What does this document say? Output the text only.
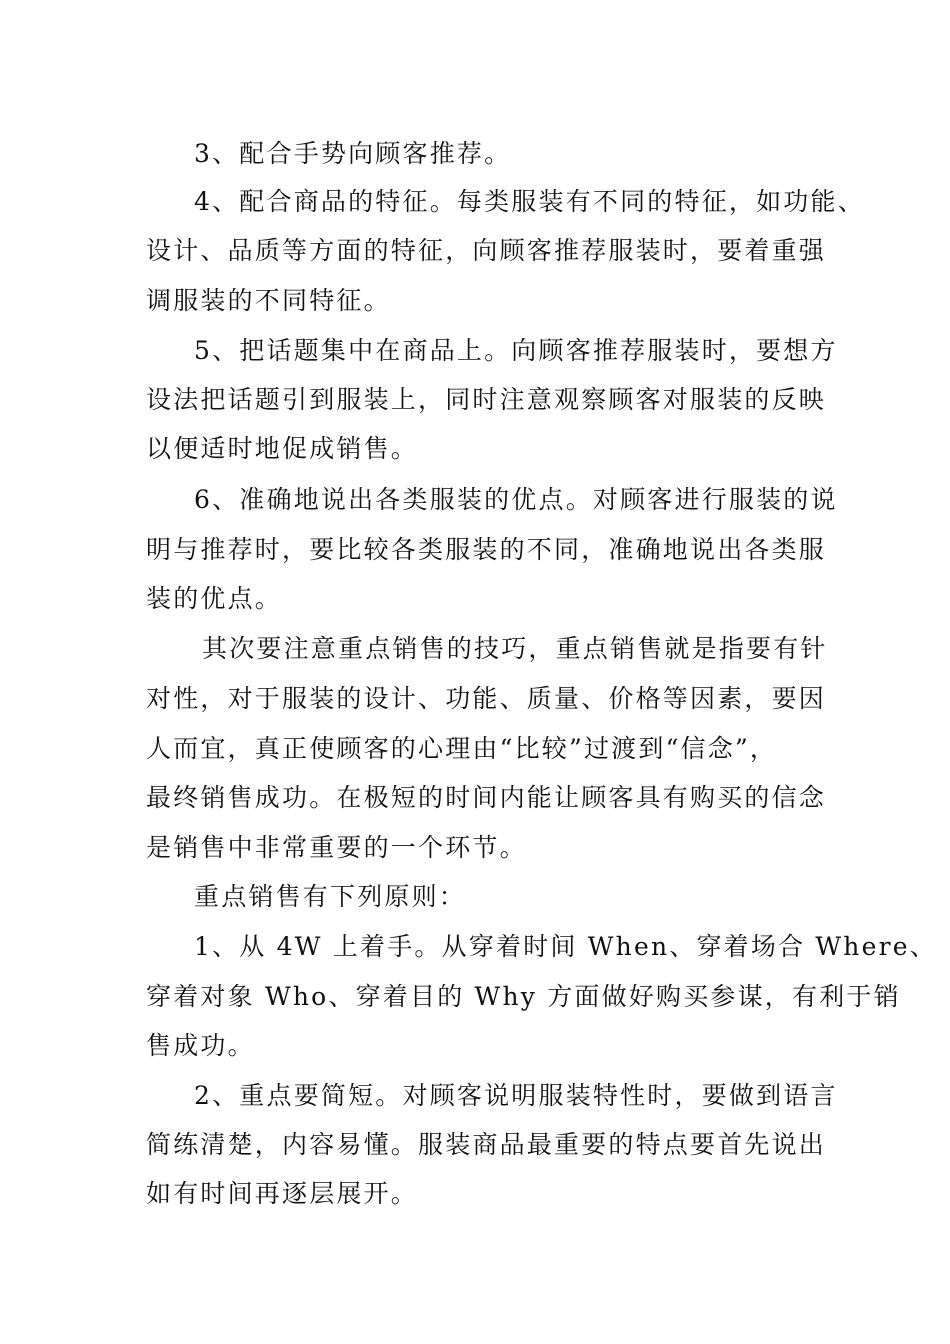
3、配合手势向顾客推荐。
4、配合商品的特征。每类服装有不同的特征，如功能、
设计、品质等方面的特征，向顾客推荐服装时，要着重强
调服装的不同特征。
5、把话题集中在商品上。向顾客推荐服装时，要想方
设法把话题引到服装上，同时注意观察顾客对服装的反映
以便适时地促成销售。
6、准确地说出各类服装的优点。对顾客进行服装的说
明与推荐时，要比较各类服装的不同，准确地说出各类服
装的优点。
其次要注意重点销售的技巧，重点销售就是指要有针
对性，对于服装的设计、功能、质量、价格等因素，要因
人而宜，真正使顾客的心理由“比较”过渡到“信念”，
最终销售成功。在极短的时间内能让顾客具有购买的信念
是销售中非常重要的一个环节。
重点销售有下列原则：
1、从 4W 上着手。从穿着时间 When、穿着场合 Where、
穿着对象 Who、穿着目的 Why 方面做好购买参谋，有利于销
售成功。
2、重点要简短。对顾客说明服装特性时，要做到语言
简练清楚，内容易懂。服装商品最重要的特点要首先说出
如有时间再逐层展开。
